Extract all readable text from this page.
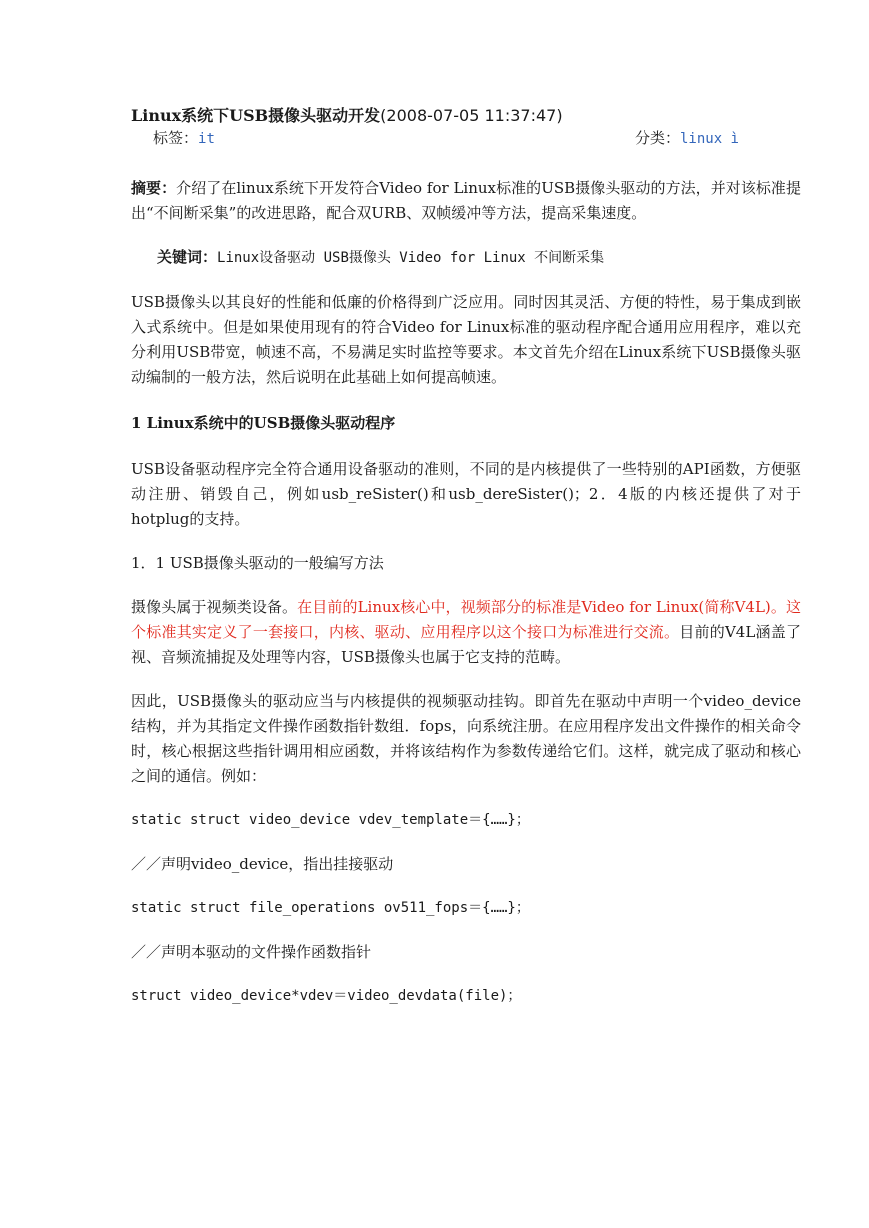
Linux系统下USB摄像头驱动开发(2008-07-05 11:37:47)
标签：it	分类：linux ì

摘要：介绍了在linux系统下开发符合Video for Linux标准的USB摄像头驱动的方法，并对该标准提出“不间断采集”的改进思路，配合双URB、双帧缓冲等方法，提高采集速度。

关键词：Linux设备驱动 USB摄像头 Video for Linux 不间断采集

USB摄像头以其良好的性能和低廉的价格得到广泛应用。同时因其灵活、方便的特性，易于集成到嵌入式系统中。但是如果使用现有的符合Video for Linux标准的驱动程序配合通用应用程序，难以充分利用USB带宽，帧速不高，不易满足实时监控等要求。本文首先介绍在Linux系统下USB摄像头驱动编制的一般方法，然后说明在此基础上如何提高帧速。

1 Linux系统中的USB摄像头驱动程序

USB设备驱动程序完全符合通用设备驱动的准则，不同的是内核提供了一些特别的API函数，方便驱动注册、销毁自己，例如usb_reSister()和usb_dereSister()；2．4版的内核还提供了对于hotplug的支持。

1．1 USB摄像头驱动的一般编写方法

摄像头属于视频类设备。在目前的Linux核心中，视频部分的标准是Video for Linux(简称V4L)。这个标准其实定义了一套接口，内核、驱动、应用程序以这个接口为标准进行交流。目前的V4L涵盖了视、音频流捕捉及处理等内容，USB摄像头也属于它支持的范畴。

因此，USB摄像头的驱动应当与内核提供的视频驱动挂钩。即首先在驱动中声明一个video_device结构，并为其指定文件操作函数指针数组．fops，向系统注册。在应用程序发出文件操作的相关命令时，核心根据这些指针调用相应函数，并将该结构作为参数传递给它们。这样，就完成了驱动和核心之间的通信。例如：

static struct video_device vdev_template＝{……}；

／／声明video_device，指出挂接驱动

static struct file_operations ov511_fops＝{……}；

／／声明本驱动的文件操作函数指针

struct video_device*vdev＝video_devdata(file)；
